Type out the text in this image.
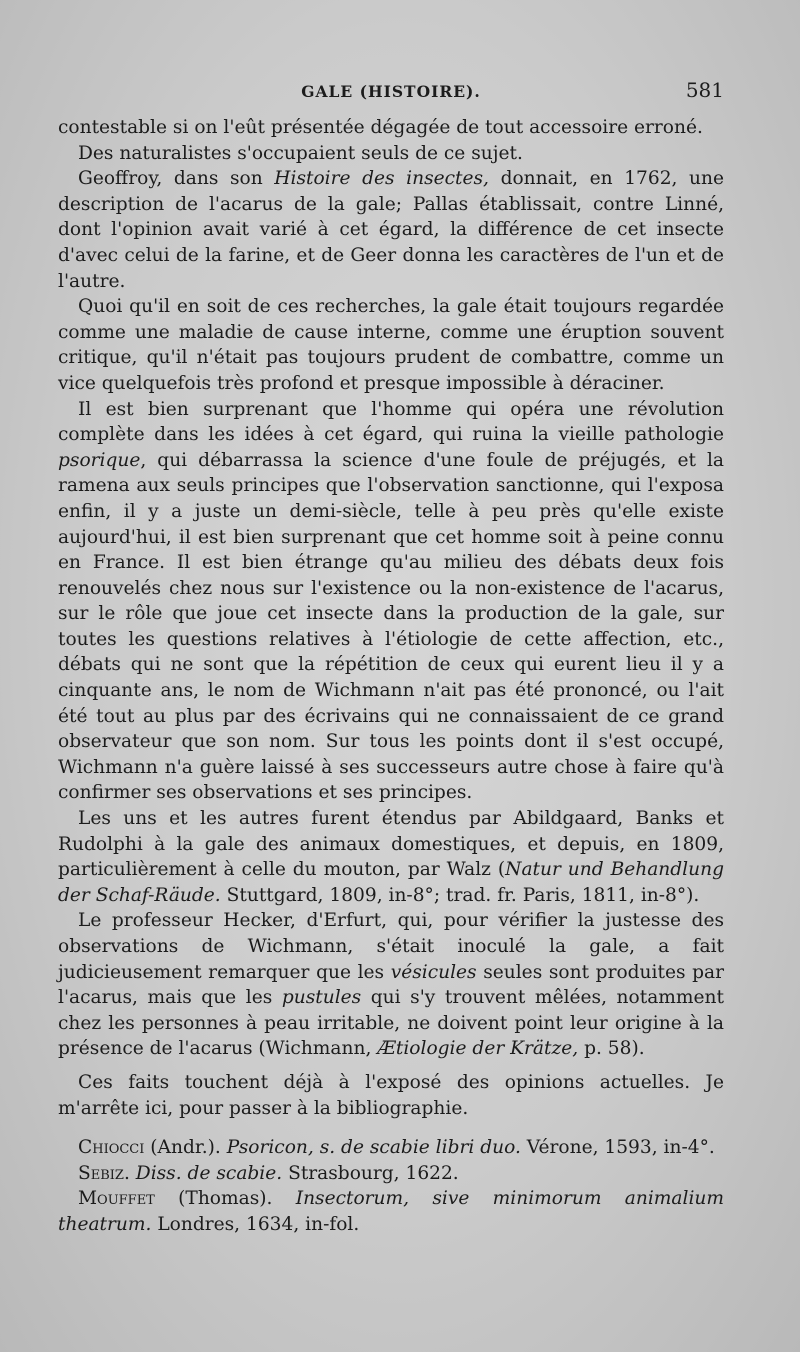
GALE (HISTOIRE).	581

contestable si on l'eût présentée dégagée de tout accessoire erroné.

Des naturalistes s'occupaient seuls de ce sujet.

Geoffroy, dans son Histoire des insectes, donnait, en 1762, une description de l'acarus de la gale; Pallas établissait, contre Linné, dont l'opinion avait varié à cet égard, la différence de cet insecte d'avec celui de la farine, et de Geer donna les caractères de l'un et de l'autre.

Quoi qu'il en soit de ces recherches, la gale était toujours regardée comme une maladie de cause interne, comme une éruption souvent critique, qu'il n'était pas toujours prudent de combattre, comme un vice quelquefois très profond et presque impossible à déraciner.

Il est bien surprenant que l'homme qui opéra une révolution complète dans les idées à cet égard, qui ruina la vieille pathologie psorique, qui débarrassa la science d'une foule de préjugés, et la ramena aux seuls principes que l'observation sanctionne, qui l'exposa enfin, il y a juste un demi-siècle, telle à peu près qu'elle existe aujourd'hui, il est bien surprenant que cet homme soit à peine connu en France. Il est bien étrange qu'au milieu des débats deux fois renouvelés chez nous sur l'existence ou la non-existence de l'acarus, sur le rôle que joue cet insecte dans la production de la gale, sur toutes les questions relatives à l'étiologie de cette affection, etc., débats qui ne sont que la répétition de ceux qui eurent lieu il y a cinquante ans, le nom de Wichmann n'ait pas été prononcé, ou l'ait été tout au plus par des écrivains qui ne connaissaient de ce grand observateur que son nom. Sur tous les points dont il s'est occupé, Wichmann n'a guère laissé à ses successeurs autre chose à faire qu'à confirmer ses observations et ses principes.

Les uns et les autres furent étendus par Abildgaard, Banks et Rudolphi à la gale des animaux domestiques, et depuis, en 1809, particulièrement à celle du mouton, par Walz (Natur und Behandlung der Schaf-Räude. Stuttgard, 1809, in-8°; trad. fr. Paris, 1811, in-8°).

Le professeur Hecker, d'Erfurt, qui, pour vérifier la justesse des observations de Wichmann, s'était inoculé la gale, a fait judicieusement remarquer que les vésicules seules sont produites par l'acarus, mais que les pustules qui s'y trouvent mêlées, notamment chez les personnes à peau irritable, ne doivent point leur origine à la présence de l'acarus (Wichmann, Ætiologie der Krätze, p. 58).

Ces faits touchent déjà à l'exposé des opinions actuelles. Je m'arrête ici, pour passer à la bibliographie.

Chiocci (Andr.). Psoricon, s. de scabie libri duo. Vérone, 1593, in-4°.

Sebiz. Diss. de scabie. Strasbourg, 1622.

Mouffet (Thomas). Insectorum, sive minimorum animalium theatrum. Londres, 1634, in-fol.
